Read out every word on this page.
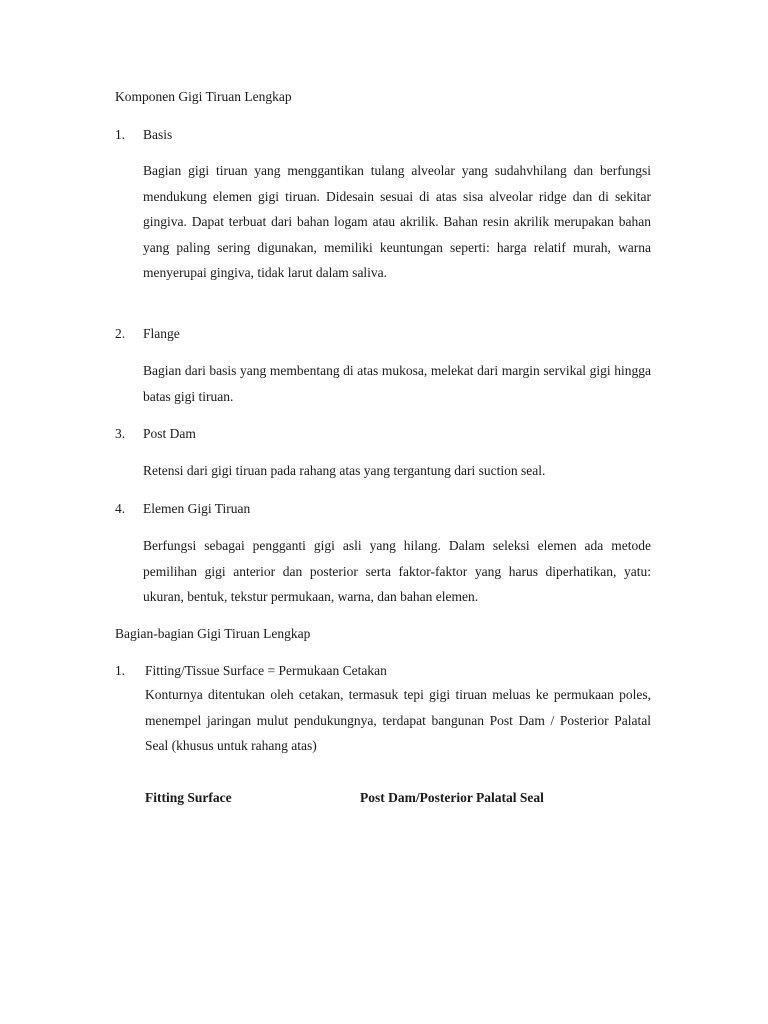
Komponen Gigi Tiruan Lengkap
1. Basis
Bagian gigi tiruan yang menggantikan tulang alveolar yang sudahvhilang dan berfungsi mendukung elemen gigi tiruan. Didesain sesuai di atas sisa alveolar ridge dan di sekitar gingiva. Dapat terbuat dari bahan logam atau akrilik. Bahan resin akrilik merupakan bahan yang paling sering digunakan, memiliki keuntungan seperti: harga relatif murah, warna menyerupai gingiva, tidak larut dalam saliva.
2. Flange
Bagian dari basis yang membentang di atas mukosa, melekat dari margin servikal gigi hingga batas gigi tiruan.
3. Post Dam
Retensi dari gigi tiruan pada rahang atas yang tergantung dari suction seal.
4. Elemen Gigi Tiruan
Berfungsi sebagai pengganti gigi asli yang hilang. Dalam seleksi elemen ada metode pemilihan gigi anterior dan posterior serta faktor-faktor yang harus diperhatikan, yatu: ukuran, bentuk, tekstur permukaan, warna, dan bahan elemen.
Bagian-bagian Gigi Tiruan Lengkap
1. Fitting/Tissue Surface = Permukaan Cetakan
Konturnya ditentukan oleh cetakan, termasuk tepi gigi tiruan meluas ke permukaan poles, menempel jaringan mulut pendukungnya, terdapat bangunan Post Dam / Posterior Palatal Seal (khusus untuk rahang atas)
Fitting Surface	Post Dam/Posterior Palatal Seal
